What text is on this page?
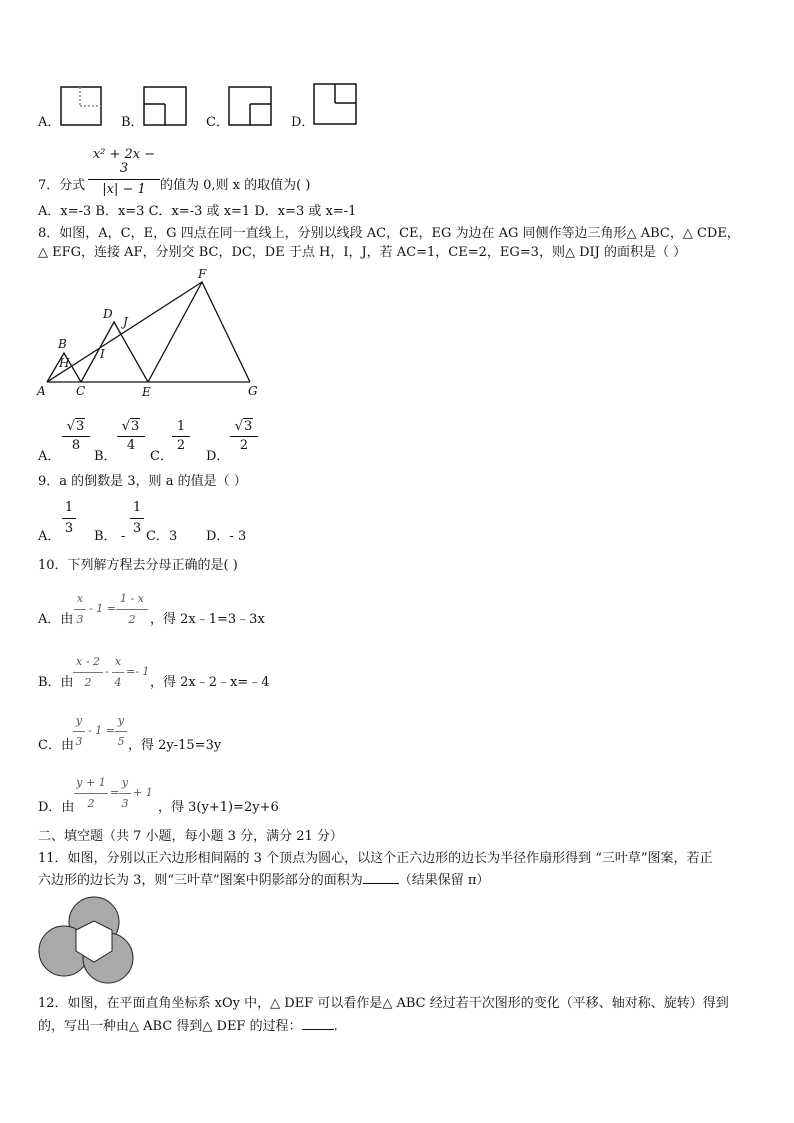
A．	B．	C．	D．
7．分式
x² + 2x − 3
|x| − 1	的值为 0,则 x 的取值为( )
A．x=-3 B．x=3 C．x=-3 或 x=1 D．x=3 或 x=-1
8．如图，A，C，E，G 四点在同一直线上，分别以线段 AC，CE，EG 为边在 AG 同侧作等边三角形△ ABC，△ CDE，
△ EFG，连接 AF，分别交 BC，DC，DE 于点 H，I，J，若 AC=1，CE=2，EG=3，则△ DIJ 的面积是（ ）
F
D
J
B
H
I
A	C	E	G
A．
√3
8
B．
√3
4
C．
1
2
D．
√3
2
9．a 的倒数是 3，则 a 的值是（ ）
A．
1
3
B． -
1
3
C．3 D．- 3
10．下列解方程去分母正确的是( )
A．由
x
3
- 1 =
1 - x
2	，得 2x﹣1=3﹣3x
B．由
x - 2
2
-
x
4
=- 1
，得 2x﹣2﹣x=﹣4
C．由
y
3
- 1 =
y
5 ，得 2y-15=3y
D．由
y + 1
2
=
y
3
+ 1
，得 3(y+1)=2y+6
二、填空题（共 7 小题，每小题 3 分，满分 21 分）
11．如图，分别以正六边形相间隔的 3 个顶点为圆心，以这个正六边形的边长为半径作扇形得到 “三叶草”图案，若正
六边形的边长为 3，则“三叶草”图案中阴影部分的面积为	（结果保留 π）
12．如图，在平面直角坐标系 xOy 中，△ DEF 可以看作是△ ABC 经过若干次图形的变化（平移、轴对称、旋转）得到
的，写出一种由△ ABC 得到△ DEF 的过程： .
